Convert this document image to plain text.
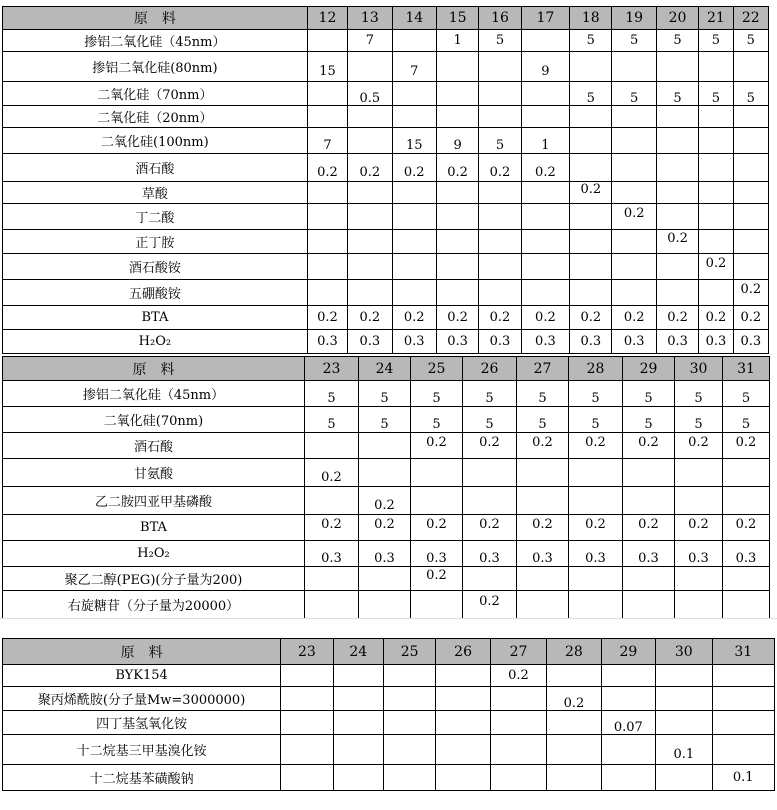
原　料	12	13	14	15	16	17	18	19	20	21	22
掺铝二氧化硅（45nm）		7		1	5		5	5	5	5	5
掺铝二氧化硅(80nm)	15		7			9					
二氧化硅（70nm）		0.5					5	5	5	5	5
二氧化硅（20nm）											
二氧化硅(100nm)	7		15	9	5	1					
酒石酸	0.2	0.2	0.2	0.2	0.2	0.2					
草酸							0.2				
丁二酸								0.2			
正丁胺									0.2		
酒石酸铵										0.2	
五硼酸铵											0.2
BTA	0.2	0.2	0.2	0.2	0.2	0.2	0.2	0.2	0.2	0.2	0.2
H₂O₂	0.3	0.3	0.3	0.3	0.3	0.3	0.3	0.3	0.3	0.3	0.3
原　料	23	24	25	26	27	28	29	30	31
掺铝二氧化硅（45nm）	5	5	5	5	5	5	5	5	5
二氧化硅(70nm)	5	5	5	5	5	5	5	5	5
酒石酸			0.2	0.2	0.2	0.2	0.2	0.2	0.2
甘氨酸	0.2								
乙二胺四亚甲基磷酸		0.2							
BTA	0.2	0.2	0.2	0.2	0.2	0.2	0.2	0.2	0.2
H₂O₂	0.3	0.3	0.3	0.3	0.3	0.3	0.3	0.3	0.3
聚乙二醇(PEG)(分子量为200)			0.2						
右旋糖苷（分子量为20000）				0.2					
原　料	23	24	25	26	27	28	29	30	31
BYK154					0.2				
聚丙烯酰胺(分子量Mw=3000000)						0.2			
四丁基氢氧化铵							0.07		
十二烷基三甲基溴化铵								0.1	
十二烷基苯磺酸钠									0.1
